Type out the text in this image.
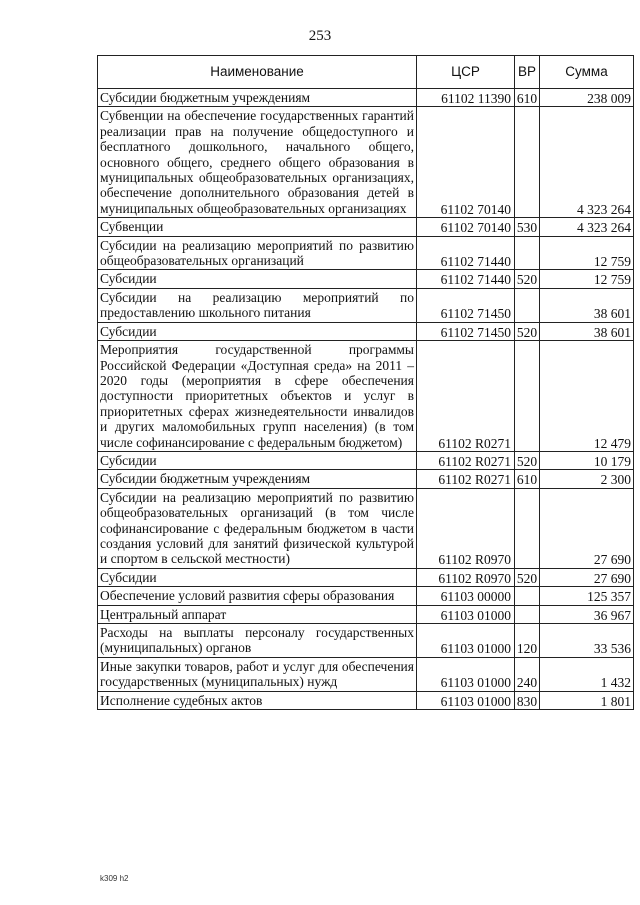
253
Наименование	ЦСР	ВР	Сумма
Субсидии бюджетным учреждениям	61102 11390	610	238 009
Субвенции на обеспечение государственных гарантий реализации прав на получение общедоступного и бесплатного дошкольного, начального общего, основного общего, среднего общего образования в муниципальных общеобразовательных организациях, обеспечение дополнительного образования детей в муниципальных общеобразовательных организациях	61102 70140		4 323 264
Субвенции	61102 70140	530	4 323 264
Субсидии на реализацию мероприятий по развитию общеобразовательных организаций	61102 71440		12 759
Субсидии	61102 71440	520	12 759
Субсидии на реализацию мероприятий по предоставлению школьного питания	61102 71450		38 601
Субсидии	61102 71450	520	38 601
Мероприятия государственной программы Российской Федерации «Доступная среда» на 2011 – 2020 годы (мероприятия в сфере обеспечения доступности приоритетных объектов и услуг в приоритетных сферах жизнедеятельности инвалидов и других маломобильных групп населения) (в том числе софинансирование с федеральным бюджетом)	61102 R0271		12 479
Субсидии	61102 R0271	520	10 179
Субсидии бюджетным учреждениям	61102 R0271	610	2 300
Субсидии на реализацию мероприятий по развитию общеобразовательных организаций (в том числе софинансирование с федеральным бюджетом в части создания условий для занятий физической культурой и спортом в сельской местности)	61102 R0970		27 690
Субсидии	61102 R0970	520	27 690
Обеспечение условий развития сферы образования	61103 00000		125 357
Центральный аппарат	61103 01000		36 967
Расходы на выплаты персоналу государственных (муниципальных) органов	61103 01000	120	33 536
Иные закупки товаров, работ и услуг для обеспечения государственных (муниципальных) нужд	61103 01000	240	1 432
Исполнение судебных актов	61103 01000	830	1 801
k309 h2
